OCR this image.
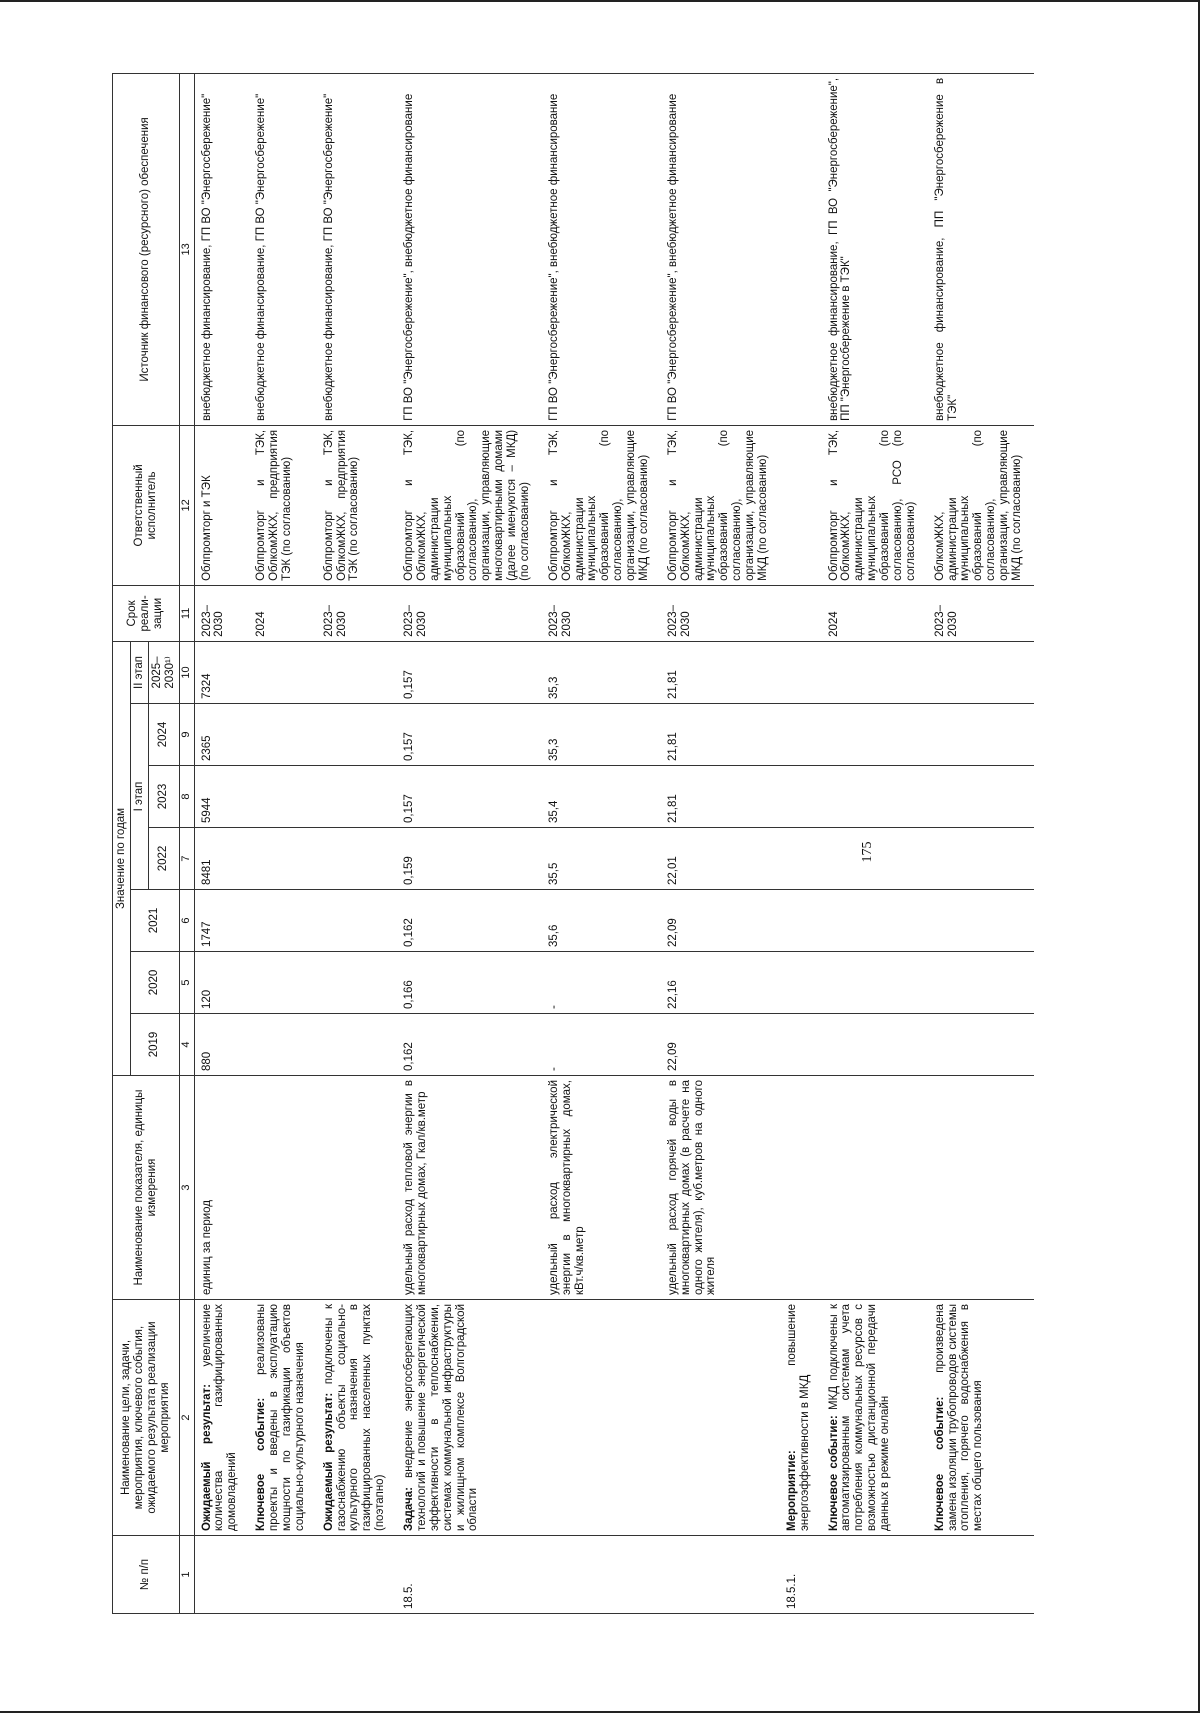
175
№ п/п	Наименование цели, задачи, мероприятия, ключевого события, ожидаемого результата реализации мероприятия	Наименование показателя, единицы измерения	Значение по годам							Срок реали-зации	Ответственный исполнитель	Источник финансового (ресурсного) обеспечения
			2019	2020	2021	I этап			II этап			
						2022	2023	2024	2025–2030¹⁾			
1	2	3	4	5	6	7	8	9	10	11	12	13
	Ожидаемый результат: увеличение количества газифицированных домовладений	единиц за период	880	120	1747	8481	5944	2365	7324	2023–2030	Облпромторг и ТЭК	внебюджетное финансирование, ГП ВО "Энергосбережение"
	Ключевое событие: реализованы проекты и введены в эксплуатацию мощности по газификации объектов социально-культурного назначения									2024	Облпромторг и ТЭК, ОблкомЖКХ, предприятия ТЭК (по согласованию)	внебюджетное финансирование, ГП ВО "Энергосбережение"
	Ожидаемый результат: подключены к газоснабжению объекты социально-культурного назначения в газифицированных населенных пунктах (поэтапно)									2023–2030	Облпромторг и ТЭК, ОблкомЖКХ, предприятия ТЭК (по согласованию)	внебюджетное финансирование, ГП ВО "Энергосбережение"
18.5.	Задача: внедрение энергосберегающих технологий и повышение энергетической эффективности в теплоснабжении, системах коммунальной инфраструктуры и жилищном комплексе Волгоградской области	удельный расход тепловой энергии в многоквартирных домах, Гкал/кв.метр	0,162	0,166	0,162	0,159	0,157	0,157	0,157	2023–2030	Облпромторг и ТЭК, ОблкомЖКХ, администрации муниципальных образований (по согласованию), организации, управляющие многоквартирными домами (далее именуются – МКД) (по согласованию)	ГП ВО "Энергосбережение", внебюджетное финансирование
		удельный расход электрической энергии в многоквартирных домах, кВт.ч/кв.метр	-	-	35,6	35,5	35,4	35,3	35,3	2023–2030	Облпромторг и ТЭК, ОблкомЖКХ, администрации муниципальных образований (по согласованию), организации, управляющие МКД (по согласованию)	ГП ВО "Энергосбережение", внебюджетное финансирование
		удельный расход горячей воды в многоквартирных домах (в расчете на одного жителя), куб.метров на одного жителя	22,09	22,16	22,09	22,01	21,81	21,81	21,81	2023–2030	Облпромторг и ТЭК, ОблкомЖКХ, администрации муниципальных образований (по согласованию), организации, управляющие МКД (по согласованию)	ГП ВО "Энергосбережение", внебюджетное финансирование
18.5.1.	Мероприятие: повышение энергоэффективности в МКД											
	Ключевое событие: МКД подключены к автоматизированным системам учета потребления коммунальных ресурсов с возможностью дистанционной передачи данных в режиме онлайн									2024	Облпромторг и ТЭК, ОблкомЖКХ, администрации муниципальных образований (по согласованию), РСО (по согласованию)	внебюджетное финансирование, ГП ВО "Энергосбережение", ПП "Энергосбережение в ТЭК"
	Ключевое событие: произведена замена изоляции трубопроводов системы отопления, горячего водоснабжения в местах общего пользования									2023–2030	ОблкомЖКХ, администрации муниципальных образований (по согласованию), организации, управляющие МКД (по согласованию)	внебюджетное финансирование, ПП "Энергосбережение в ТЭК"
